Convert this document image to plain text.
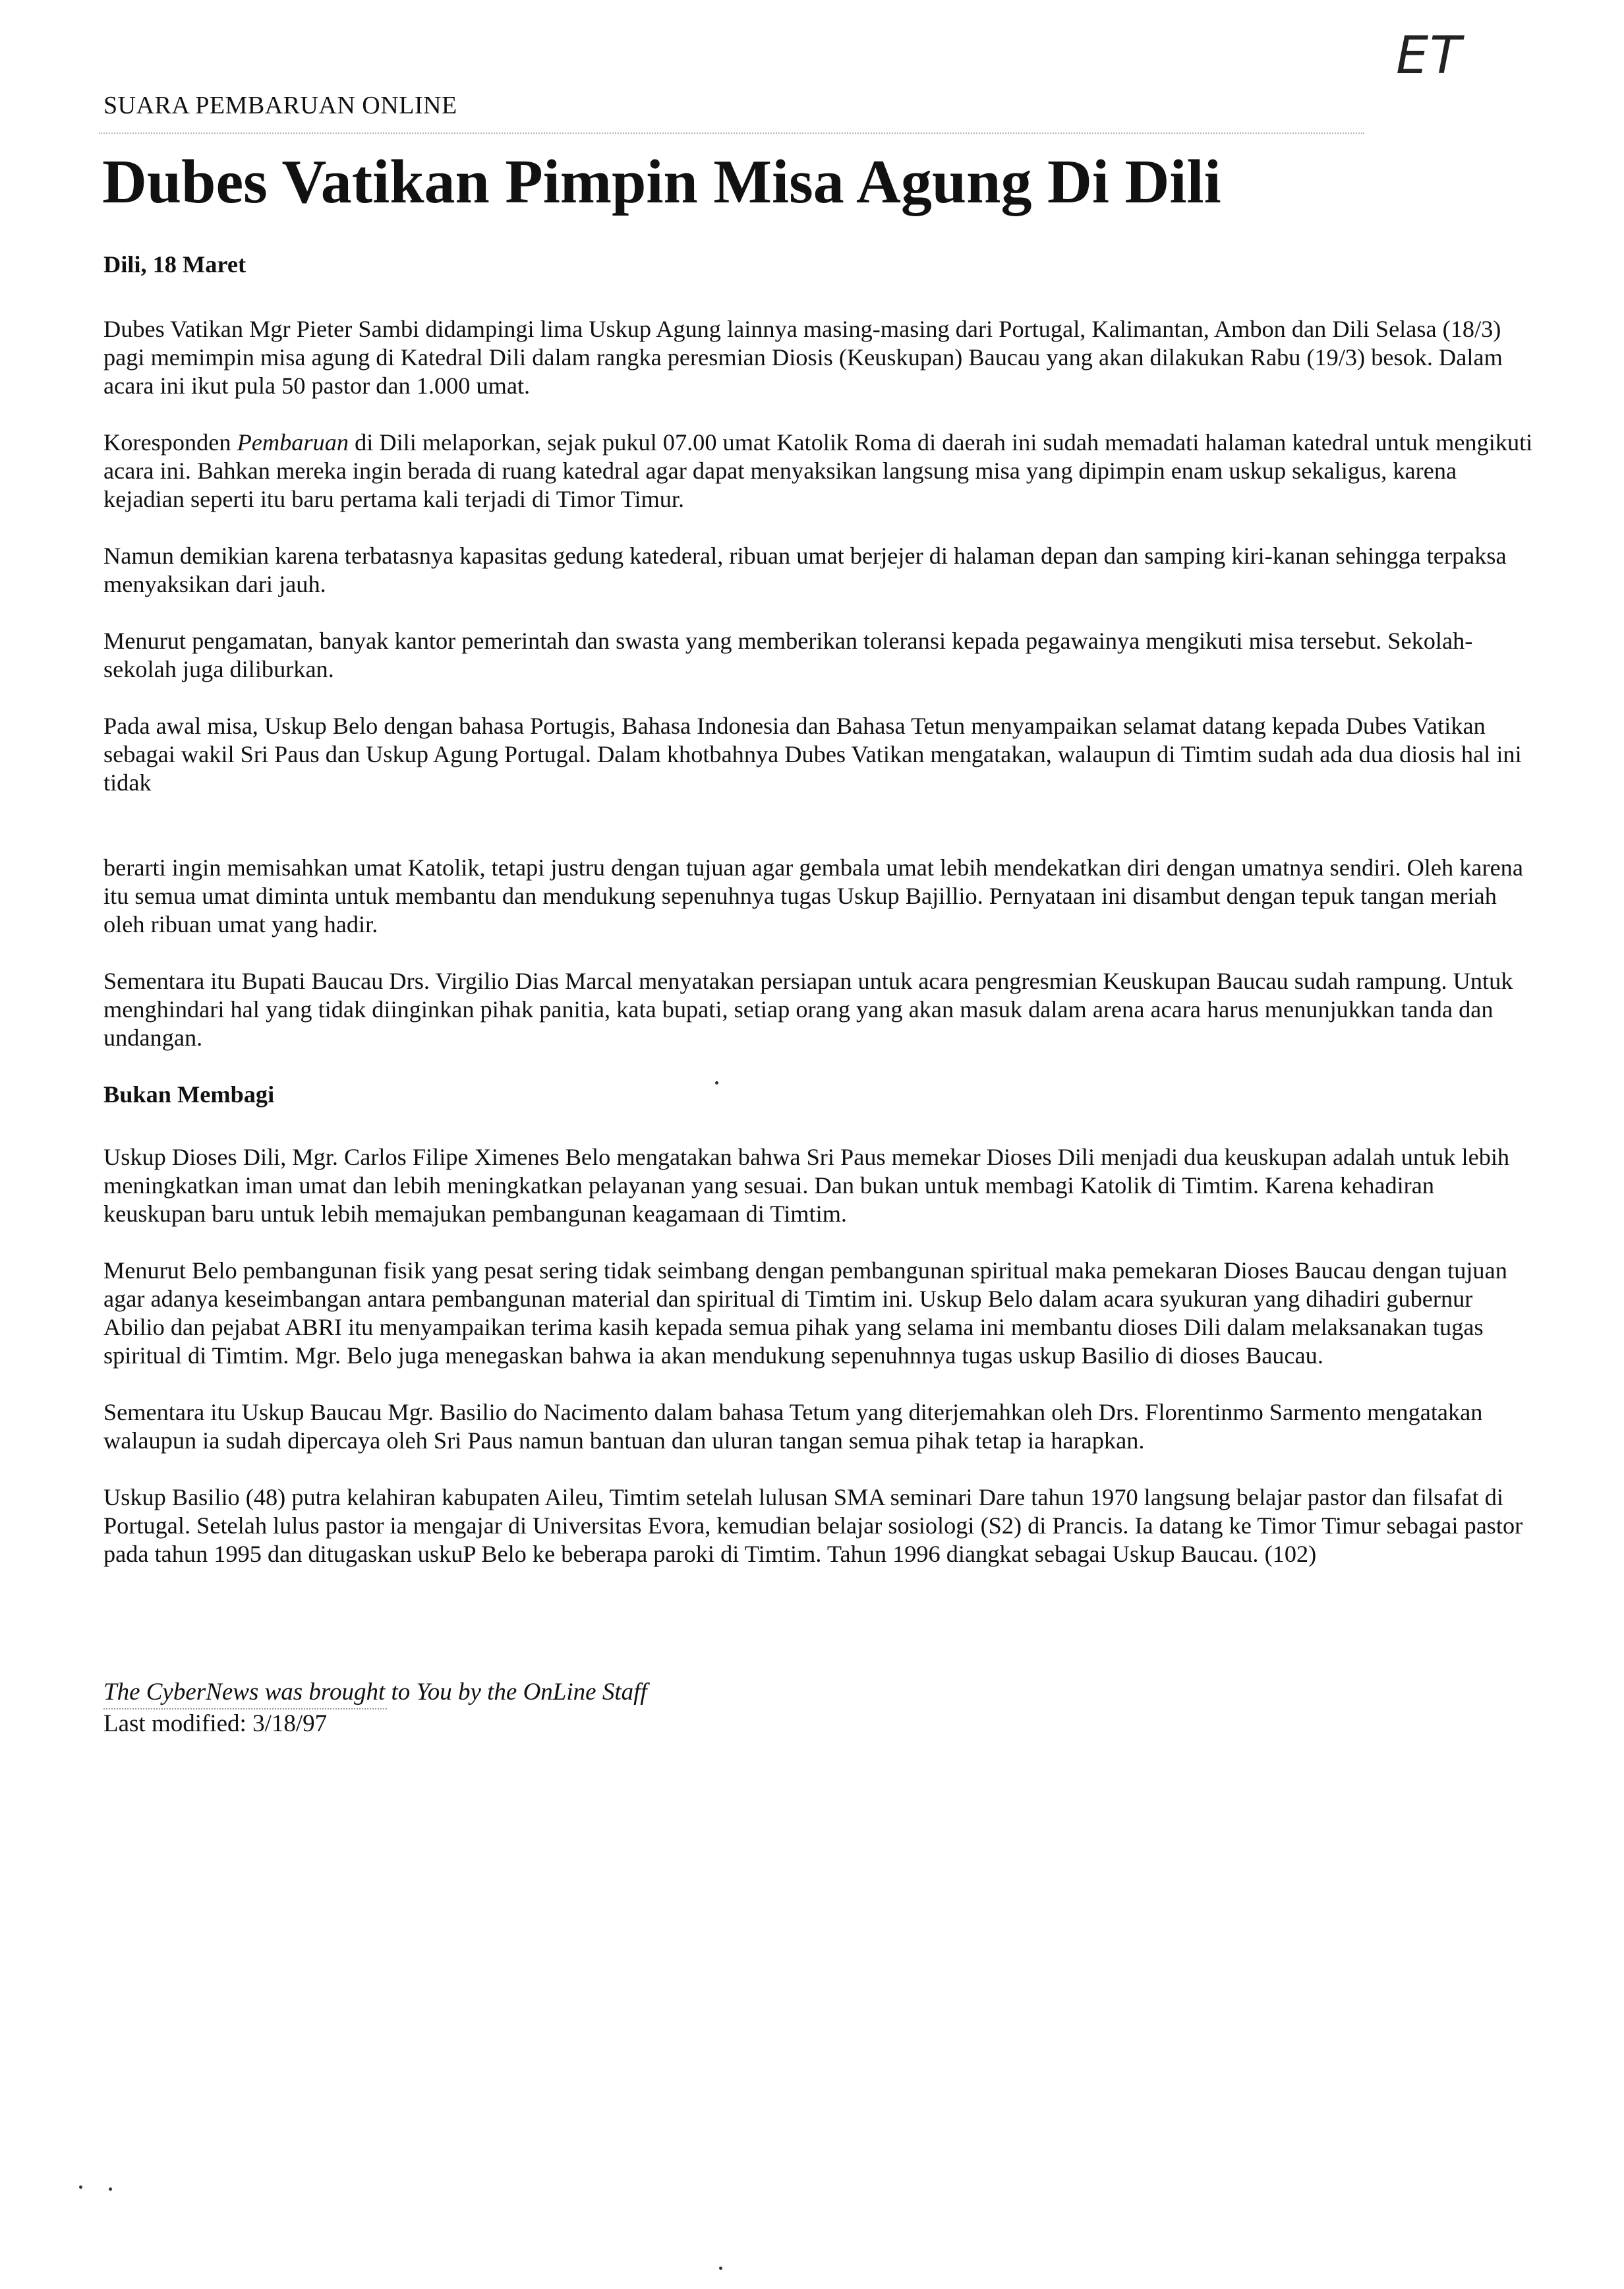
ET
SUARA PEMBARUAN ONLINE
Dubes Vatikan Pimpin Misa Agung Di Dili

Dili, 18 Maret

Dubes Vatikan Mgr Pieter Sambi didampingi lima Uskup Agung lainnya masing-masing dari Portugal, Kalimantan, Ambon dan Dili Selasa (18/3) pagi memimpin misa agung di Katedral Dili dalam rangka peresmian Diosis (Keuskupan) Baucau yang akan dilakukan Rabu (19/3) besok. Dalam acara ini ikut pula 50 pastor dan 1.000 umat.

Koresponden Pembaruan di Dili melaporkan, sejak pukul 07.00 umat Katolik Roma di daerah ini sudah memadati halaman katedral untuk mengikuti acara ini. Bahkan mereka ingin berada di ruang katedral agar dapat menyaksikan langsung misa yang dipimpin enam uskup sekaligus, karena kejadian seperti itu baru pertama kali terjadi di Timor Timur.

Namun demikian karena terbatasnya kapasitas gedung katederal, ribuan umat berjejer di halaman depan dan samping kiri-kanan sehingga terpaksa menyaksikan dari jauh.

Menurut pengamatan, banyak kantor pemerintah dan swasta yang memberikan toleransi kepada pegawainya mengikuti misa tersebut. Sekolah-sekolah juga diliburkan.

Pada awal misa, Uskup Belo dengan bahasa Portugis, Bahasa Indonesia dan Bahasa Tetun menyampaikan selamat datang kepada Dubes Vatikan sebagai wakil Sri Paus dan Uskup Agung Portugal. Dalam khotbahnya Dubes Vatikan mengatakan, walaupun di Timtim sudah ada dua diosis hal ini tidak

berarti ingin memisahkan umat Katolik, tetapi justru dengan tujuan agar gembala umat lebih mendekatkan diri dengan umatnya sendiri. Oleh karena itu semua umat diminta untuk membantu dan mendukung sepenuhnya tugas Uskup Bajillio. Pernyataan ini disambut dengan tepuk tangan meriah oleh ribuan umat yang hadir.

Sementara itu Bupati Baucau Drs. Virgilio Dias Marcal menyatakan persiapan untuk acara pengresmian Keuskupan Baucau sudah rampung. Untuk menghindari hal yang tidak diinginkan pihak panitia, kata bupati, setiap orang yang akan masuk dalam arena acara harus menunjukkan tanda dan undangan.

Bukan Membagi

Uskup Dioses Dili, Mgr. Carlos Filipe Ximenes Belo mengatakan bahwa Sri Paus memekar Dioses Dili menjadi dua keuskupan adalah untuk lebih meningkatkan iman umat dan lebih meningkatkan pelayanan yang sesuai. Dan bukan untuk membagi Katolik di Timtim. Karena kehadiran keuskupan baru untuk lebih memajukan pembangunan keagamaan di Timtim.

Menurut Belo pembangunan fisik yang pesat sering tidak seimbang dengan pembangunan spiritual maka pemekaran Dioses Baucau dengan tujuan agar adanya keseimbangan antara pembangunan material dan spiritual di Timtim ini. Uskup Belo dalam acara syukuran yang dihadiri gubernur Abilio dan pejabat ABRI itu menyampaikan terima kasih kepada semua pihak yang selama ini membantu dioses Dili dalam melaksanakan tugas spiritual di Timtim. Mgr. Belo juga menegaskan bahwa ia akan mendukung sepenuhnnya tugas uskup Basilio di dioses Baucau.

Sementara itu Uskup Baucau Mgr. Basilio do Nacimento dalam bahasa Tetum yang diterjemahkan oleh Drs. Florentinmo Sarmento mengatakan walaupun ia sudah dipercaya oleh Sri Paus namun bantuan dan uluran tangan semua pihak tetap ia harapkan.

Uskup Basilio (48) putra kelahiran kabupaten Aileu, Timtim setelah lulusan SMA seminari Dare tahun 1970 langsung belajar pastor dan filsafat di Portugal. Setelah lulus pastor ia mengajar di Universitas Evora, kemudian belajar sosiologi (S2) di Prancis. Ia datang ke Timor Timur sebagai pastor pada tahun 1995 dan ditugaskan uskuP Belo ke beberapa paroki di Timtim. Tahun 1996 diangkat sebagai Uskup Baucau. (102)

The CyberNews was brought to You by the OnLine Staff
Last modified: 3/18/97
